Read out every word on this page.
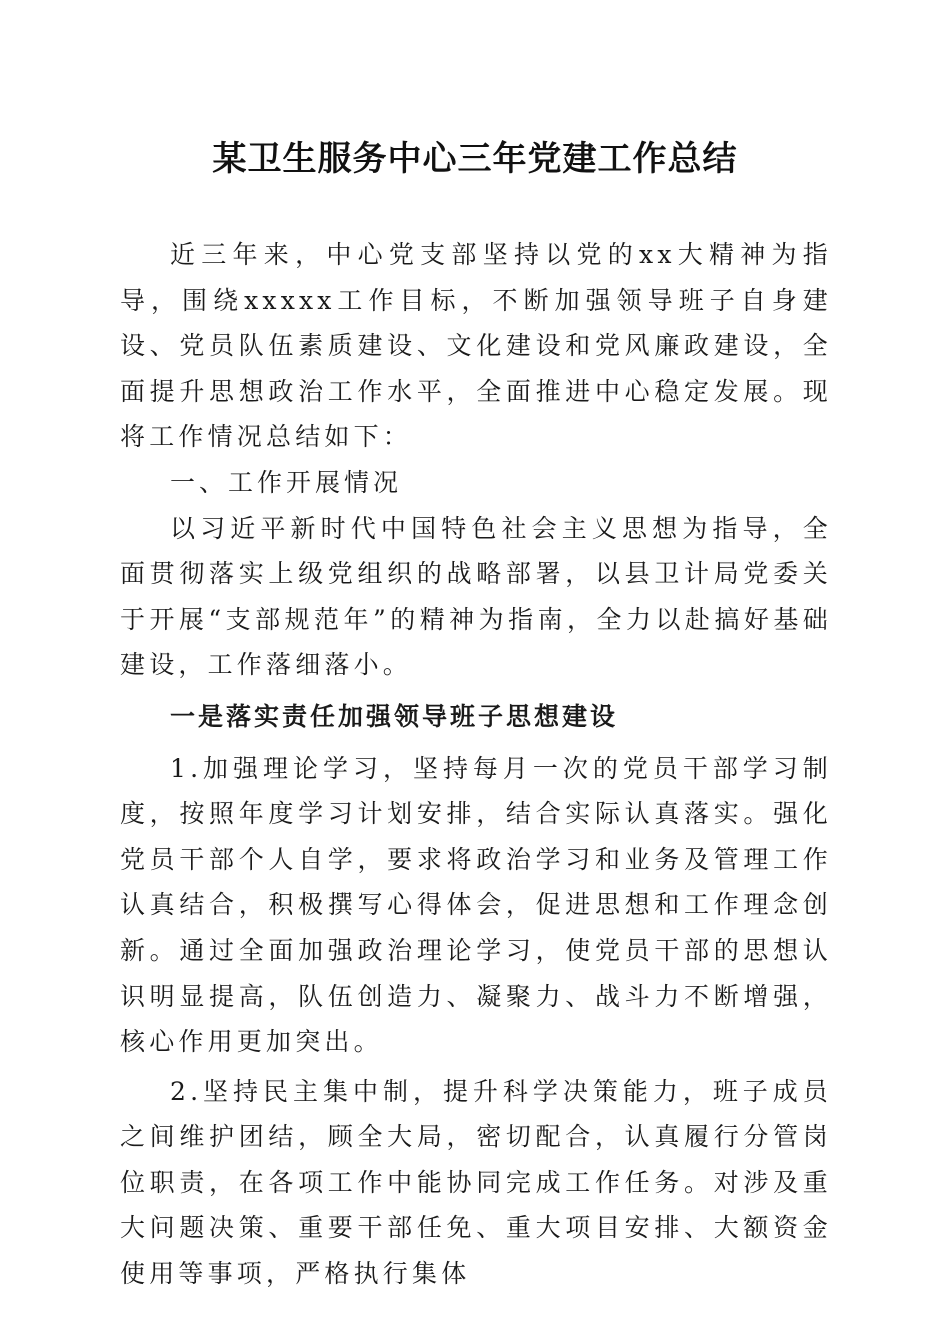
某卫生服务中心三年党建工作总结

近三年来，中心党支部坚持以党的xx大精神为指导，围绕xxxxx工作目标，不断加强领导班子自身建设、党员队伍素质建设、文化建设和党风廉政建设，全面提升思想政治工作水平，全面推进中心稳定发展。现将工作情况总结如下：

一、工作开展情况

以习近平新时代中国特色社会主义思想为指导，全面贯彻落实上级党组织的战略部署，以县卫计局党委关于开展“支部规范年”的精神为指南，全力以赴搞好基础建设，工作落细落小。

一是落实责任加强领导班子思想建设

1.加强理论学习，坚持每月一次的党员干部学习制度，按照年度学习计划安排，结合实际认真落实。强化党员干部个人自学，要求将政治学习和业务及管理工作认真结合，积极撰写心得体会，促进思想和工作理念创新。通过全面加强政治理论学习，使党员干部的思想认识明显提高，队伍创造力、凝聚力、战斗力不断增强，核心作用更加突出。

2.坚持民主集中制，提升科学决策能力，班子成员之间维护团结，顾全大局，密切配合，认真履行分管岗位职责，在各项工作中能协同完成工作任务。对涉及重大问题决策、重要干部任免、重大项目安排、大额资金使用等事项，严格执行集体
